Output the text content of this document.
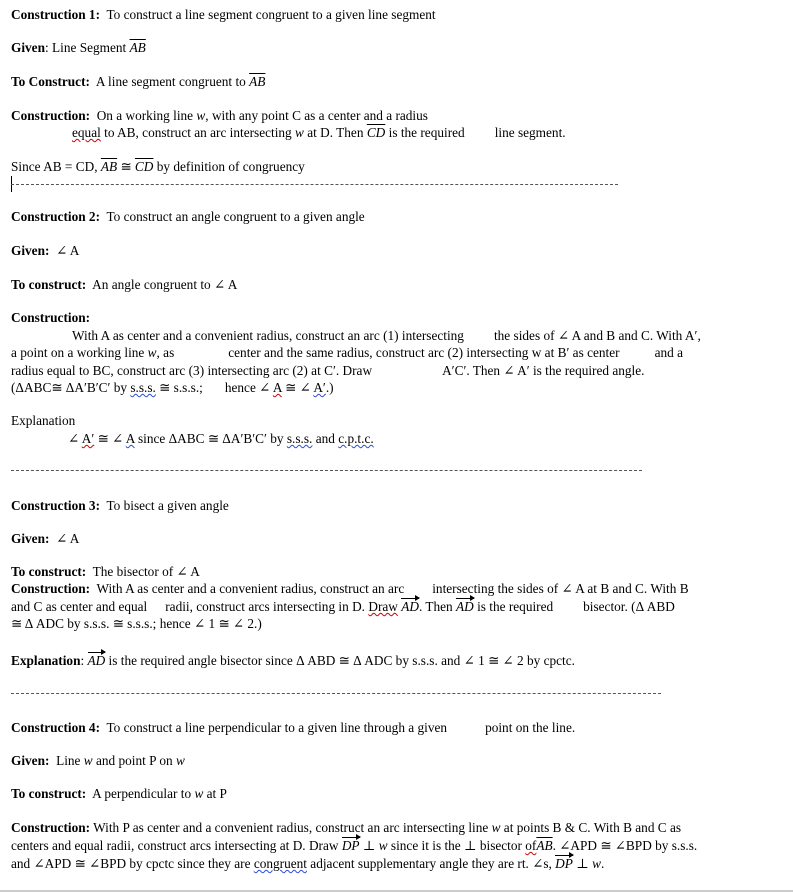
Construction 1: To construct a line segment congruent to a given line segment
Given: Line Segment $\overline{AB}$
To Construct: A line segment congruent to $\overline{AB}$
Construction: On a working line w, with any point C as a center and a radius
equal to AB, construct an arc intersecting w at D. Then $\overline{CD}$ is the required line segment.
Since AB = CD, $\overline{AB}$ ≅ $\overline{CD}$ by definition of congruency
Construction 2: To construct an angle congruent to a given angle
Given: ∠ A
To construct: An angle congruent to ∠ A
Construction:
With A as center and a convenient radius, construct an arc (1) intersecting the sides of ∠ A and B and C. With A′,
a point on a working line w, as	center and the same radius, construct arc (2) intersecting w at B′ as center	and a
radius equal to BC, construct arc (3) intersecting arc (2) at C′. Draw	A′C′. Then ∠ A′ is the required angle.
(ΔABC≅ ΔA′B′C′ by s.s.s. ≅ s.s.s.; hence ∠ A ≅ ∠ A′.)
Explanation
∠ A′ ≅ ∠ A since ΔABC ≅ ΔA′B′C′ by s.s.s. and c.p.t.c.
Construction 3: To bisect a given angle
Given: ∠ A
To construct: The bisector of ∠ A
Construction: With A as center and a convenient radius, construct an arc intersecting the sides of ∠ A at B and C. With B
and C as center and equal radii, construct arcs intersecting in D. Draw AD. Then AD is the required bisector. (Δ ABD
≅ Δ ADC by s.s.s. ≅ s.s.s.; hence ∠ 1 ≅ ∠ 2.)
Explanation: AD is the required angle bisector since Δ ABD ≅ Δ ADC by s.s.s. and ∠ 1 ≅ ∠ 2 by cpctc.
Construction 4: To construct a line perpendicular to a given line through a given	point on the line.
Given: Line w and point P on w
To construct: A perpendicular to w at P
Construction: With P as center and a convenient radius, construct an arc intersecting line w at points B & C. With B and C as
centers and equal radii, construct arcs intersecting at D. Draw DP ⊥ w since it is the ⊥ bisector $of\overline{AB}$. ∠APD ≅ ∠BPD by s.s.s.
and ∠APD ≅ ∠BPD by cpctc since they are congruent adjacent supplementary angle they are rt. ∠s, DP ⊥ w.
